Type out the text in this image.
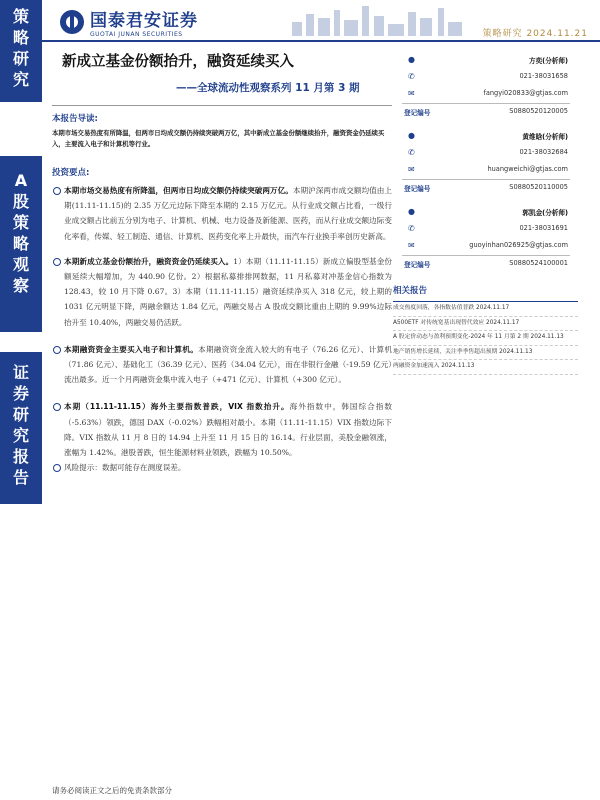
策
略
研
究
A
股
策
略
观
察
证
券
研
究
报
告
国泰君安证券
GUOTAI JUNAN SECURITIES	策略研究 2024.11.21
新成立基金份额抬升，融资延续买入
——全球流动性观察系列 11 月第 3 期
本报告导读:
本期市场交易热度有所降温，但两市日均成交额仍持续突破两万亿，其中新成立基金份额继续抬升，融资资金仍延续买入，主要流入电子和计算机等行业。
投资要点:
本期市场交易热度有所降温，但两市日均成交额仍持续突破两万亿。本期沪深两市成交额均值由上期(11.11-11.15)的 2.35 万亿元边际下降至本期的 2.15 万亿元。从行业成交额占比看，一级行业成交额占比前五分别为电子、计算机、机械、电力设备及新能源、医药，而从行业成交额边际变化率看，传媒、轻工制造、通信、计算机、医药变化率上升最快，而汽车行业换手率创历史新高。
本期新成立基金份额抬升，融资资金仍延续买入。1）本期（11.11-11.15）新成立偏股型基金份额延续大幅增加，为 440.90 亿份。2）根据私募排排网数据，11 月私募对冲基金信心指数为 128.43，较 10 月下降 0.67。3）本期（11.11-11.15）融资延续净买入 318 亿元，较上期的 1031 亿元明显下降，两融余额达 1.84 亿元，两融交易占 A 股成交额比重由上期的 9.99%边际抬升至 10.40%，两融交易仍活跃。
本期融资资金主要买入电子和计算机。本期融资资金流入较大的有电子（76.26 亿元）、计算机（71.86 亿元）、基础化工（36.39 亿元）、医药（34.04 亿元），而在非银行金融（-19.59 亿元）流出最多。近一个月两融资金集中流入电子（+471 亿元）、计算机（+300 亿元）。
本期（11.11-11.15）海外主要指数普跌，VIX 指数抬升。海外指数中，韩国综合指数（-5.63%）领跌，德国 DAX（-0.02%）跌幅相对最小。本期（11.11-11.15）VIX 指数边际下降。VIX 指数从 11 月 8 日的 14.94 上升至 11 月 15 日的 16.14。行业层面，美股金融领涨，涨幅为 1.42%。港股普跌，恒生能源材料业领跌，跌幅为 10.50%。
风险提示：数据可能存在测度误差。
●	方奕(分析师)
✆	021-38031658
✉	fangyi020833@gtjas.com
登记编号	S0880520120005
●	黄维晗(分析师)
✆	021-38032684
✉	huangweichi@gtjas.com
登记编号	S0880520110005
●	郭凯金(分析师)
✆	021-38031691
✉	guoyinhan026925@gtjas.com
登记编号	S0880524100001
相关报告
成交热度回落，各指数估值普跌 2024.11.17
A500ETF 对传统宽基出现替代效应 2024.11.17
A 股定价动态与盈利预期变化-2024 年 11 月第 2 期 2024.11.13
地产销售增长延续，关注季季售超出预期 2024.11.13
两融资金加速流入 2024.11.13
请务必阅读正文之后的免责条款部分
